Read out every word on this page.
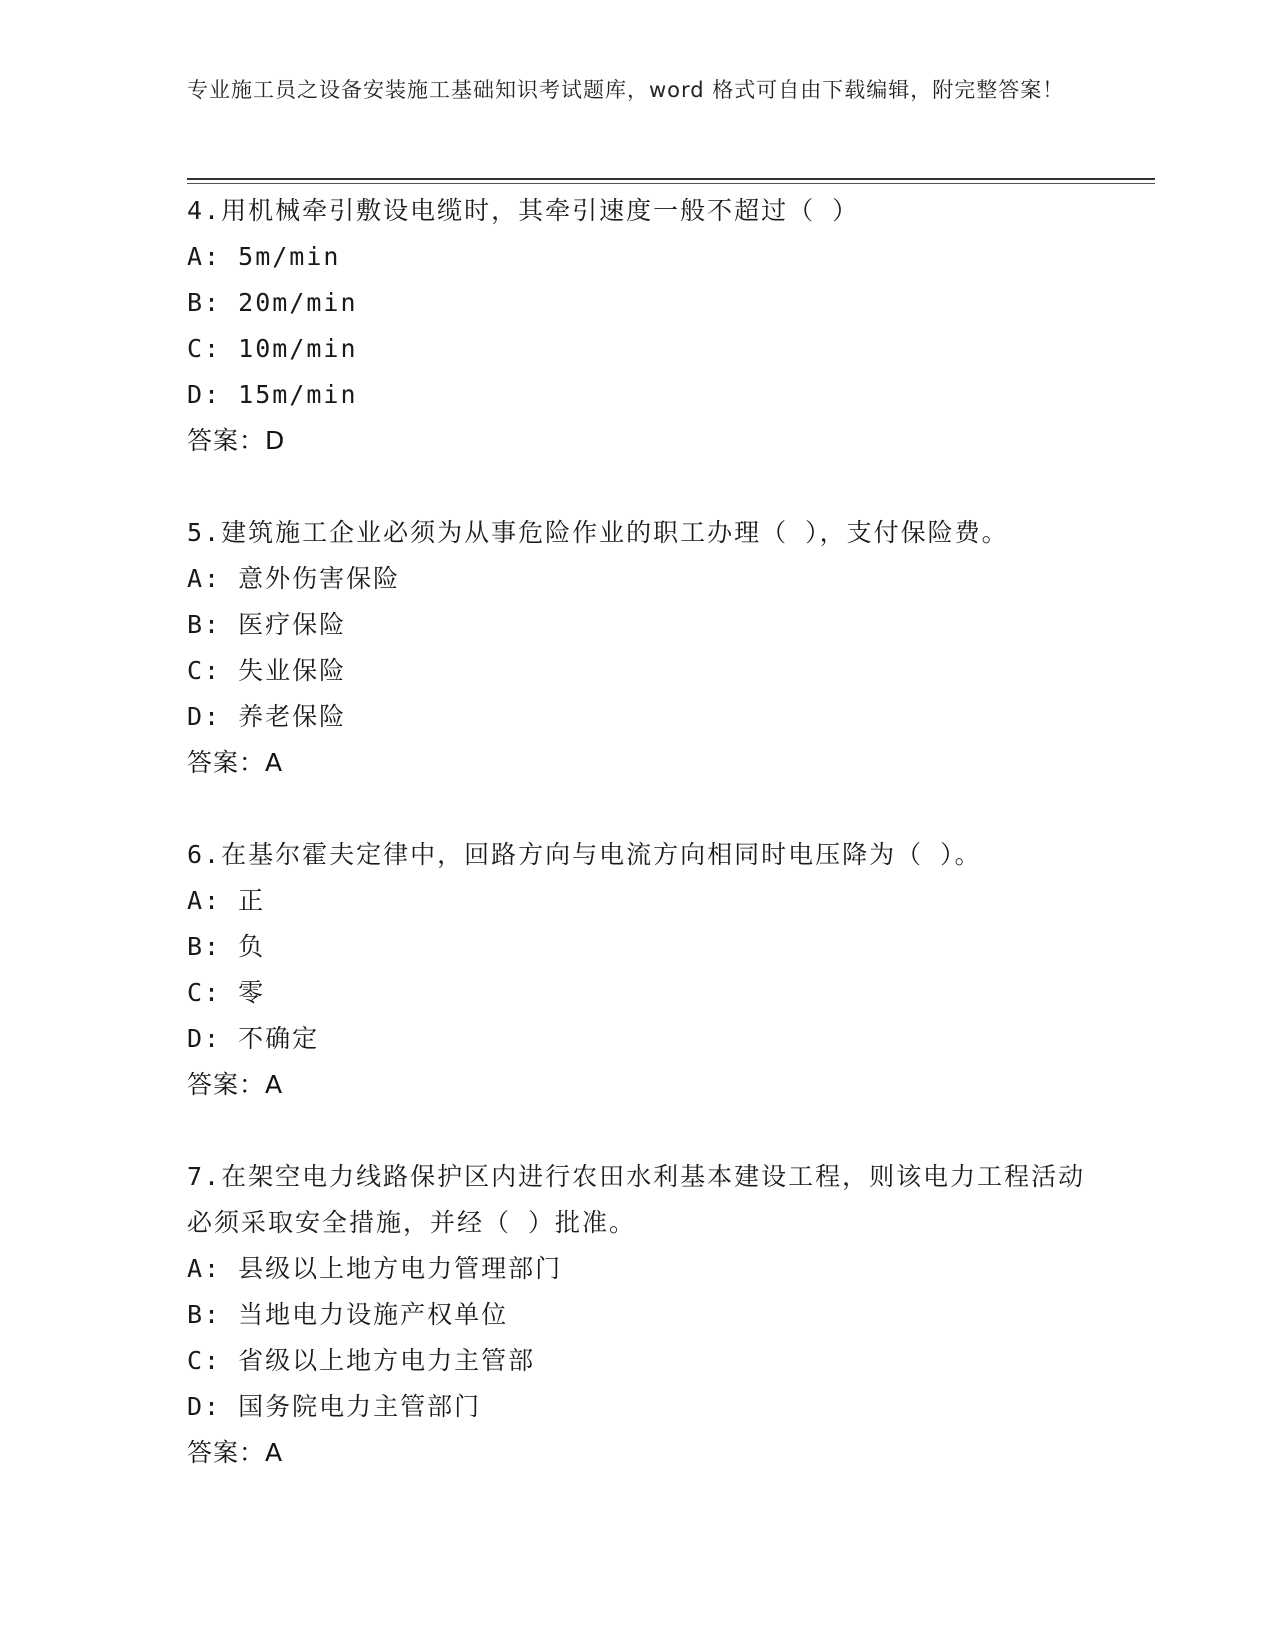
专业施工员之设备安装施工基础知识考试题库，word 格式可自由下载编辑，附完整答案！
4.用机械牵引敷设电缆时，其牵引速度一般不超过（ ）
A: 5m/min
B: 20m/min
C: 10m/min
D: 15m/min
答案：D
5.建筑施工企业必须为从事危险作业的职工办理（ ），支付保险费。
A: 意外伤害保险
B: 医疗保险
C: 失业保险
D: 养老保险
答案：A
6.在基尔霍夫定律中，回路方向与电流方向相同时电压降为（ ）。
A: 正
B: 负
C: 零
D: 不确定
答案：A
7.在架空电力线路保护区内进行农田水利基本建设工程，则该电力工程活动必须采取安全措施，并经（ ）批准。
A: 县级以上地方电力管理部门
B: 当地电力设施产权单位
C: 省级以上地方电力主管部
D: 国务院电力主管部门
答案：A
